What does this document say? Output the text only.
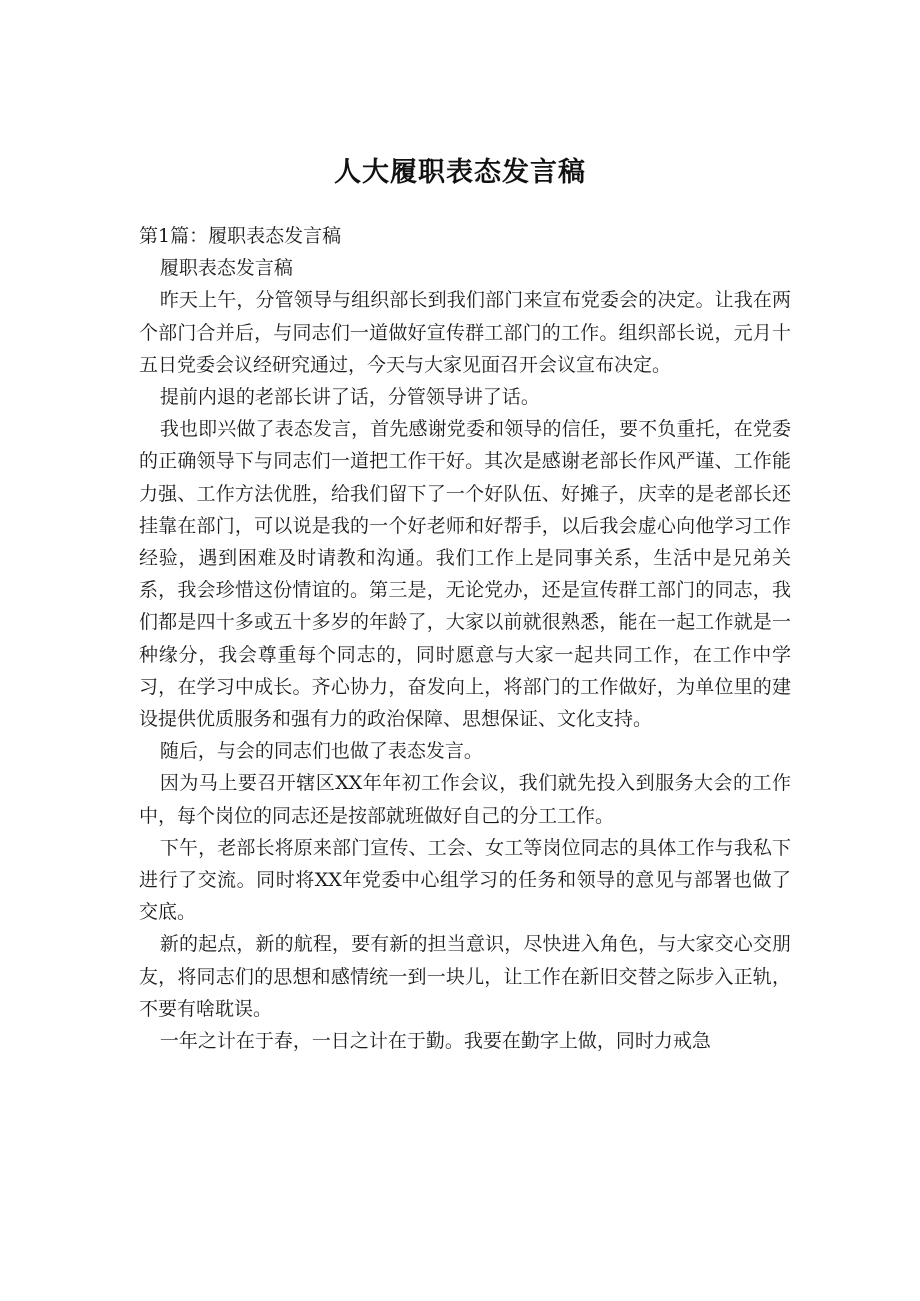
人大履职表态发言稿

第1篇：履职表态发言稿

履职表态发言稿

昨天上午，分管领导与组织部长到我们部门来宣布党委会的决定。让我在两个部门合并后，与同志们一道做好宣传群工部门的工作。组织部长说，元月十五日党委会议经研究通过，今天与大家见面召开会议宣布决定。

提前内退的老部长讲了话，分管领导讲了话。

我也即兴做了表态发言，首先感谢党委和领导的信任，要不负重托，在党委的正确领导下与同志们一道把工作干好。其次是感谢老部长作风严谨、工作能力强、工作方法优胜，给我们留下了一个好队伍、好摊子，庆幸的是老部长还挂靠在部门，可以说是我的一个好老师和好帮手，以后我会虚心向他学习工作经验，遇到困难及时请教和沟通。我们工作上是同事关系，生活中是兄弟关系，我会珍惜这份情谊的。第三是，无论党办，还是宣传群工部门的同志，我们都是四十多或五十多岁的年龄了，大家以前就很熟悉，能在一起工作就是一种缘分，我会尊重每个同志的，同时愿意与大家一起共同工作，在工作中学习，在学习中成长。齐心协力，奋发向上，将部门的工作做好，为单位里的建设提供优质服务和强有力的政治保障、思想保证、文化支持。

随后，与会的同志们也做了表态发言。

因为马上要召开辖区XX年年初工作会议，我们就先投入到服务大会的工作中，每个岗位的同志还是按部就班做好自己的分工工作。

下午，老部长将原来部门宣传、工会、女工等岗位同志的具体工作与我私下进行了交流。同时将XX年党委中心组学习的任务和领导的意见与部署也做了交底。

新的起点，新的航程，要有新的担当意识，尽快进入角色，与大家交心交朋友，将同志们的思想和感情统一到一块儿，让工作在新旧交替之际步入正轨，不要有啥耽误。

一年之计在于春，一日之计在于勤。我要在勤字上做，同时力戒急
